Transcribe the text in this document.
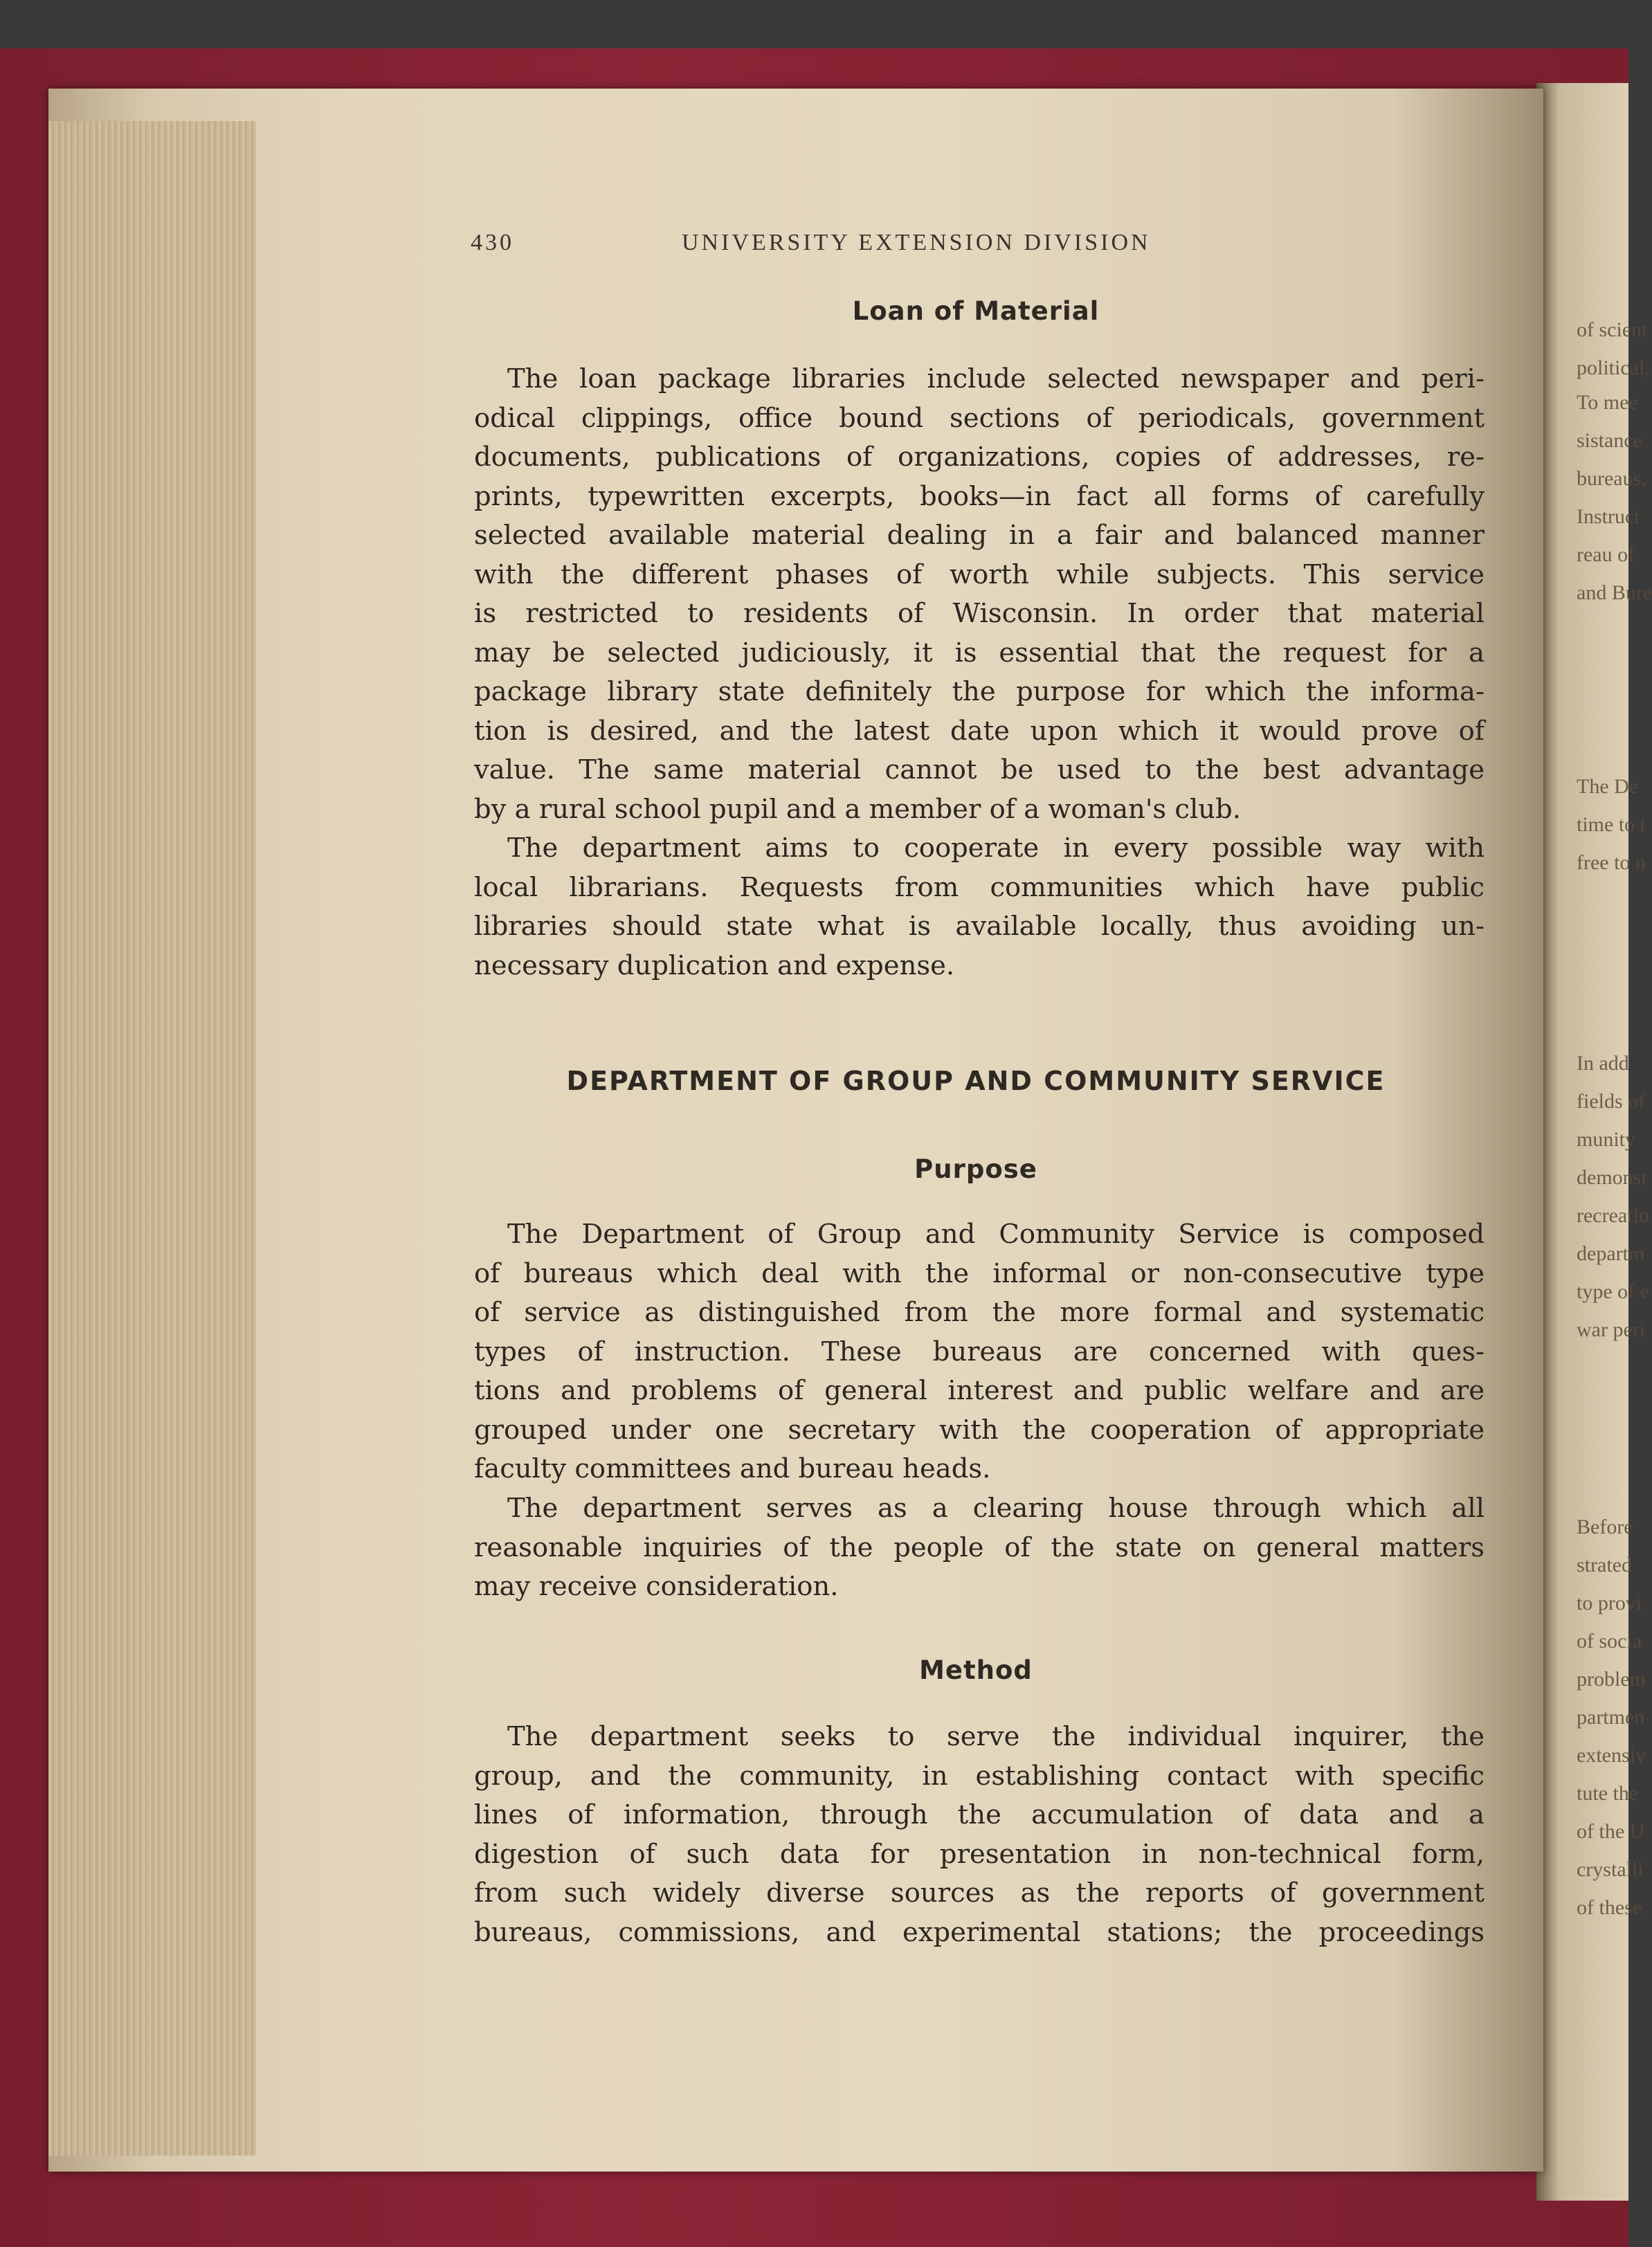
of scient
political,
To mee
sistance
bureaus,
Instruct
reau of
and Bure
The De
time to t
free to n
In add
fields of
munity
demonst
recreatio
departm
type of e
war peri
Before
strated
to provi
of socia
problem
partmen
extensiv
tute the
of the U
crystalli
of these
430	UNIVERSITY EXTENSION DIVISION
Loan of Material
The loan package libraries include selected newspaper and peri-
odical clippings, office bound sections of periodicals, government
documents, publications of organizations, copies of addresses, re-
prints, typewritten excerpts, books—in fact all forms of carefully
selected available material dealing in a fair and balanced manner
with the different phases of worth while subjects. This service
is restricted to residents of Wisconsin. In order that material
may be selected judiciously, it is essential that the request for a
package library state definitely the purpose for which the informa-
tion is desired, and the latest date upon which it would prove of
value. The same material cannot be used to the best advantage
by a rural school pupil and a member of a woman's club.
The department aims to cooperate in every possible way with
local librarians. Requests from communities which have public
libraries should state what is available locally, thus avoiding un-
necessary duplication and expense.
DEPARTMENT OF GROUP AND COMMUNITY SERVICE
Purpose
The Department of Group and Community Service is composed
of bureaus which deal with the informal or non-consecutive type
of service as distinguished from the more formal and systematic
types of instruction. These bureaus are concerned with ques-
tions and problems of general interest and public welfare and are
grouped under one secretary with the cooperation of appropriate
faculty committees and bureau heads.
The department serves as a clearing house through which all
reasonable inquiries of the people of the state on general matters
may receive consideration.
Method
The department seeks to serve the individual inquirer, the
group, and the community, in establishing contact with specific
lines of information, through the accumulation of data and a
digestion of such data for presentation in non-technical form,
from such widely diverse sources as the reports of government
bureaus, commissions, and experimental stations; the proceedings
